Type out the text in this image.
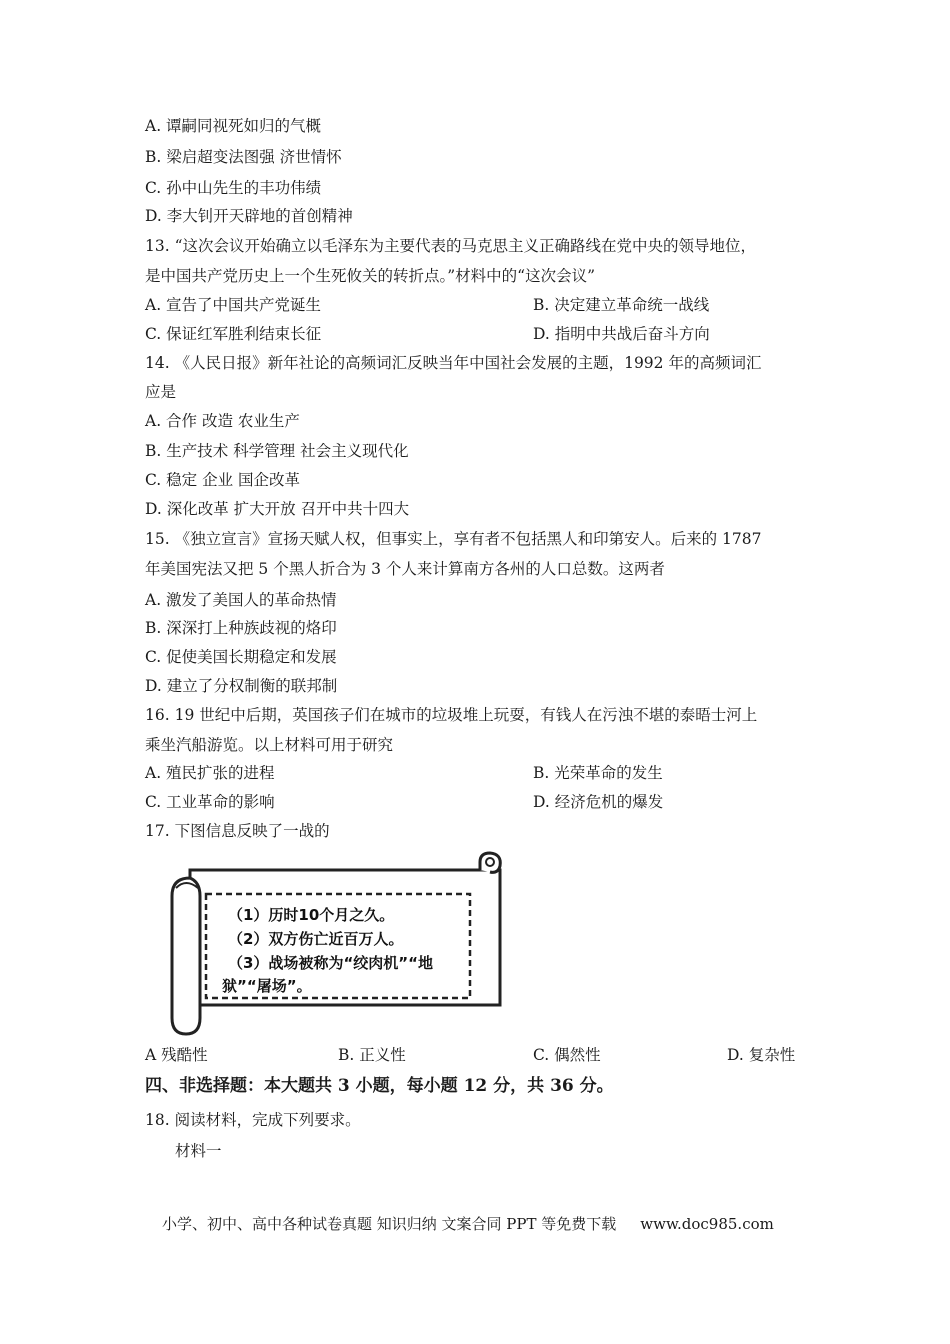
A. 谭嗣同视死如归的气概
B. 梁启超变法图强 济世情怀
C. 孙中山先生的丰功伟绩
D. 李大钊开天辟地的首创精神
13. “这次会议开始确立以毛泽东为主要代表的马克思主义正确路线在党中央的领导地位，
是中国共产党历史上一个生死攸关的转折点。”材料中的“这次会议”
A. 宣告了中国共产党诞生	B. 决定建立革命统一战线
C. 保证红军胜利结束长征	D. 指明中共战后奋斗方向
14. 《人民日报》新年社论的高频词汇反映当年中国社会发展的主题，1992 年的高频词汇
应是
A. 合作 改造 农业生产
B. 生产技术 科学管理 社会主义现代化
C. 稳定 企业 国企改革
D. 深化改革 扩大开放 召开中共十四大
15. 《独立宣言》宣扬天赋人权，但事实上，享有者不包括黑人和印第安人。后来的 1787
年美国宪法又把 5 个黑人折合为 3 个人来计算南方各州的人口总数。这两者
A. 激发了美国人的革命热情
B. 深深打上种族歧视的烙印
C. 促使美国长期稳定和发展
D. 建立了分权制衡的联邦制
16. 19 世纪中后期，英国孩子们在城市的垃圾堆上玩耍，有钱人在污浊不堪的泰晤士河上
乘坐汽船游览。以上材料可用于研究
A. 殖民扩张的进程	B. 光荣革命的发生
C. 工业革命的影响	D. 经济危机的爆发
17. 下图信息反映了一战的
（1）历时10个月之久。
（2）双方伤亡近百万人。
（3）战场被称为“绞肉机”“地
狱”“屠场”。
A 残酷性	B. 正义性	C. 偶然性	D. 复杂性
四、非选择题：本大题共 3 小题，每小题 12 分，共 36 分。
18. 阅读材料，完成下列要求。
材料一
小学、初中、高中各种试卷真题 知识归纳 文案合同 PPT 等免费下载 www.doc985.com
